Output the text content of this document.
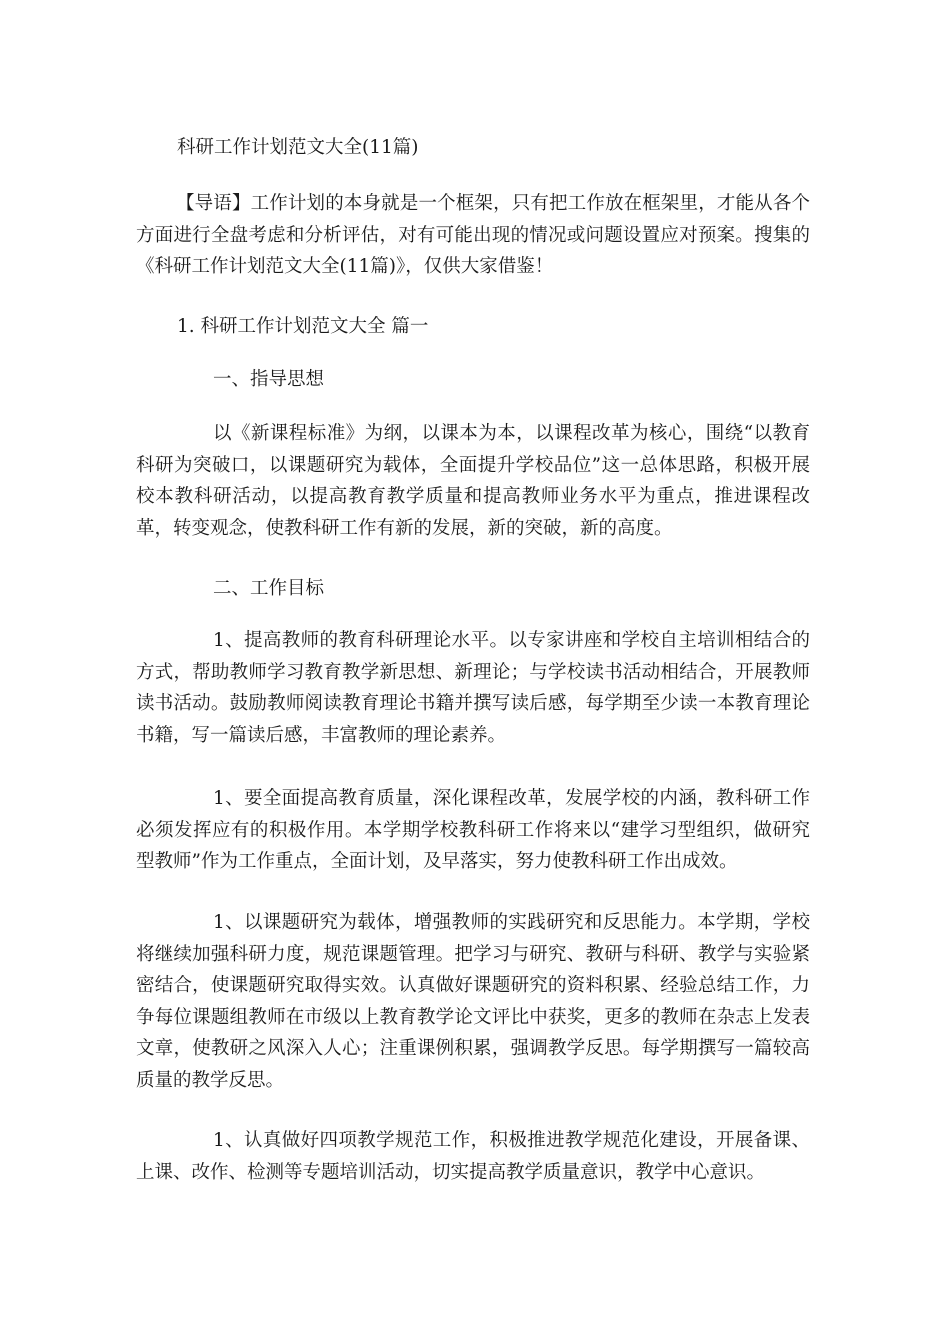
科研工作计划范文大全(11篇)

【导语】工作计划的本身就是一个框架，只有把工作放在框架里，才能从各个方面进行全盘考虑和分析评估，对有可能出现的情况或问题设置应对预案。搜集的《科研工作计划范文大全(11篇)》，仅供大家借鉴！

1. 科研工作计划范文大全 篇一

一、指导思想

以《新课程标准》为纲，以课本为本，以课程改革为核心，围绕“以教育科研为突破口，以课题研究为载体，全面提升学校品位”这一总体思路，积极开展校本教科研活动，以提高教育教学质量和提高教师业务水平为重点，推进课程改革，转变观念，使教科研工作有新的发展，新的突破，新的高度。

二、工作目标

1、提高教师的教育科研理论水平。以专家讲座和学校自主培训相结合的方式，帮助教师学习教育教学新思想、新理论；与学校读书活动相结合，开展教师读书活动。鼓励教师阅读教育理论书籍并撰写读后感，每学期至少读一本教育理论书籍，写一篇读后感，丰富教师的理论素养。

1、要全面提高教育质量，深化课程改革，发展学校的内涵，教科研工作必须发挥应有的积极作用。本学期学校教科研工作将来以“建学习型组织，做研究型教师”作为工作重点，全面计划，及早落实，努力使教科研工作出成效。

1、以课题研究为载体，增强教师的实践研究和反思能力。本学期，学校将继续加强科研力度，规范课题管理。把学习与研究、教研与科研、教学与实验紧密结合，使课题研究取得实效。认真做好课题研究的资料积累、经验总结工作，力争每位课题组教师在市级以上教育教学论文评比中获奖，更多的教师在杂志上发表文章，使教研之风深入人心；注重课例积累，强调教学反思。每学期撰写一篇较高质量的教学反思。

1、认真做好四项教学规范工作，积极推进教学规范化建设，开展备课、上课、改作、检测等专题培训活动，切实提高教学质量意识，教学中心意识。
